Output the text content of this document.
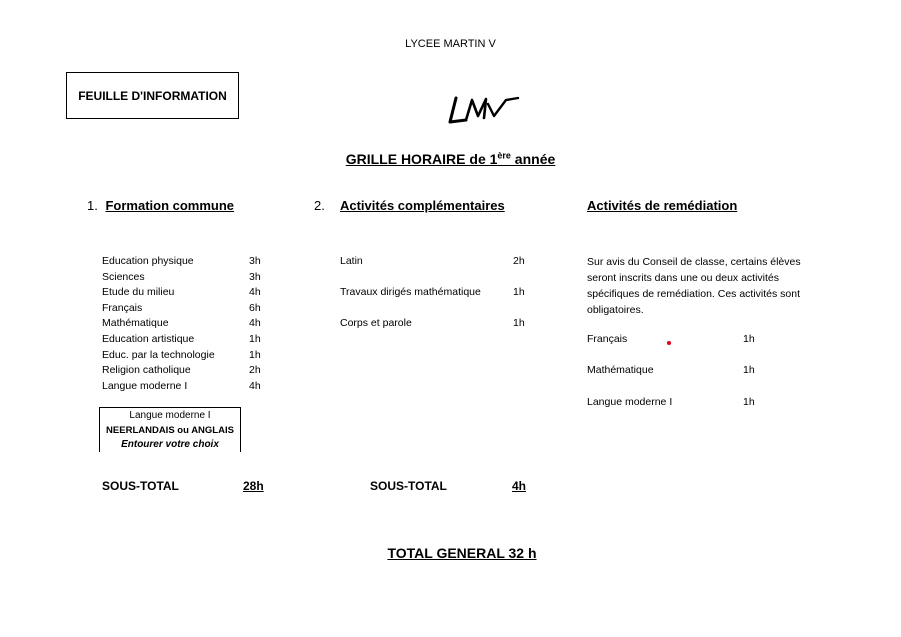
LYCEE MARTIN V
FEUILLE D'INFORMATION
GRILLE HORAIRE de 1ère année
1. Formation commune	2. Activités complémentaires	Activités de remédiation
Education physique	3h
Sciences	3h
Etude du milieu	4h
Français	6h
Mathématique	4h
Education artistique	1h
Educ. par la technologie	1h
Religion catholique	2h
Langue moderne I	4h
Latin	2h
Travaux dirigés mathématique	1h
Corps et parole	1h
Sur avis du Conseil de classe, certains élèves
seront inscrits dans une ou deux activités
spécifiques de remédiation. Ces activités sont
obligatoires.
Français	1h
Mathématique	1h
Langue moderne I	1h
Langue moderne I
NEERLANDAIS ou ANGLAIS
Entourer votre choix
SOUS-TOTAL	28h	SOUS-TOTAL	4h
TOTAL GENERAL 32 h
